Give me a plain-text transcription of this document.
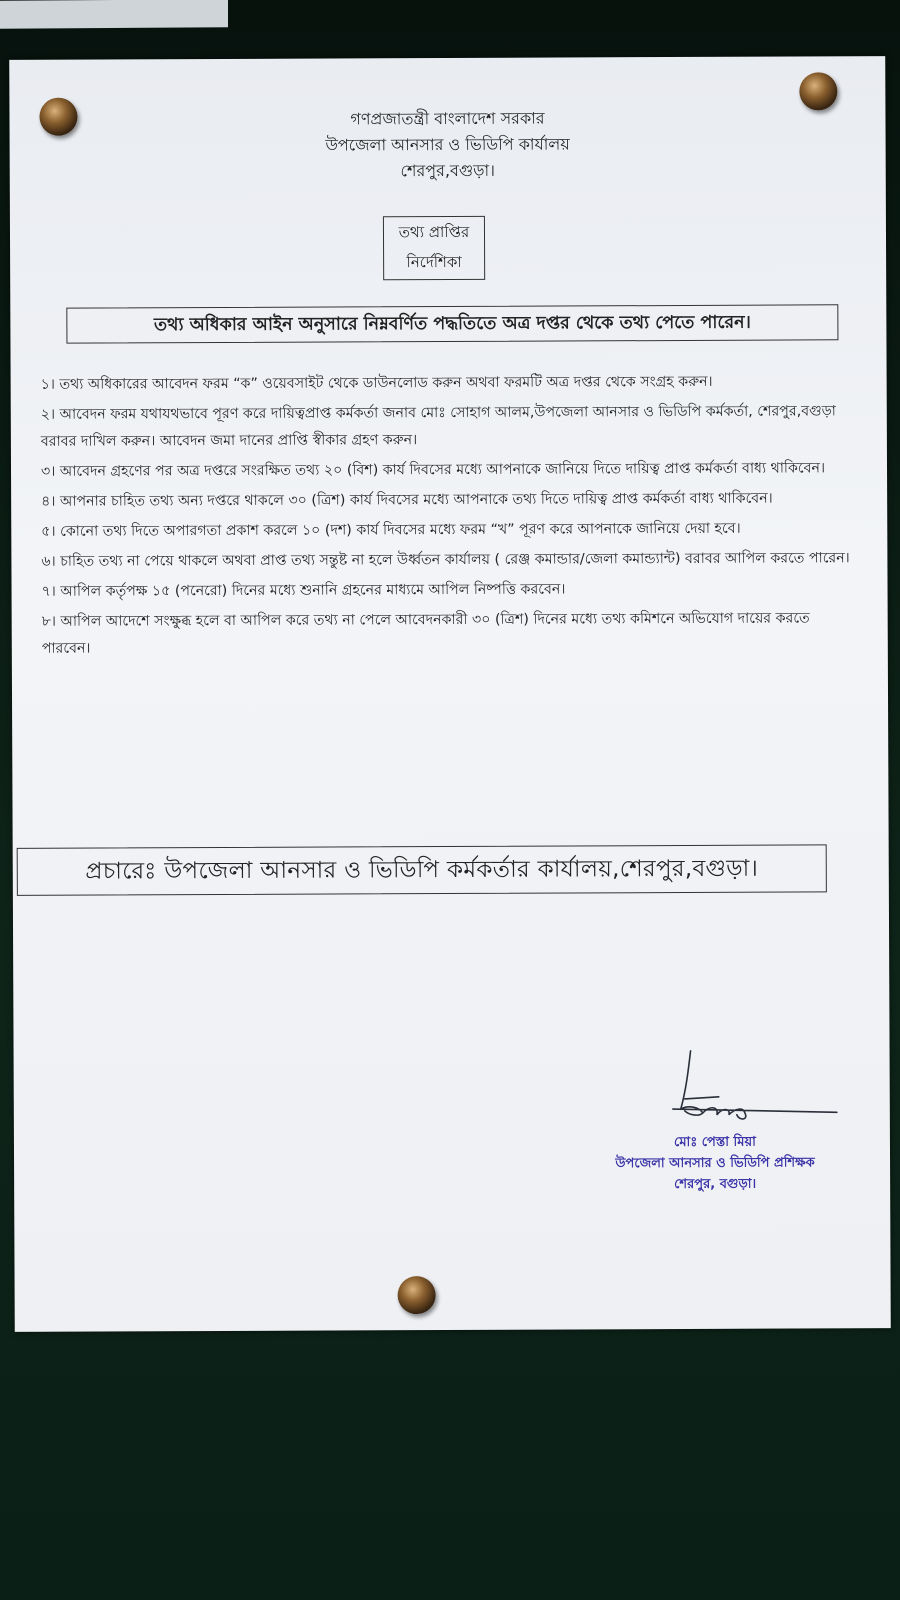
গণপ্রজাতন্ত্রী বাংলাদেশ সরকার
উপজেলা আনসার ও ভিডিপি কার্যালয়
শেরপুর,বগুড়া।
তথ্য প্রাপ্তির
নির্দেশিকা
তথ্য অধিকার আইন অনুসারে নিম্নবর্ণিত পদ্ধতিতে অত্র দপ্তর থেকে তথ্য পেতে পারেন।
১। তথ্য অধিকারের আবেদন ফরম “ক” ওয়েবসাইট থেকে ডাউনলোড করুন অথবা ফরমটি অত্র দপ্তর থেকে সংগ্রহ করুন।
২। আবেদন ফরম যথাযথভাবে পূরণ করে দায়িত্বপ্রাপ্ত কর্মকর্তা জনাব মোঃ সোহাগ আলম,উপজেলা আনসার ও ভিডিপি কর্মকর্তা, শেরপুর,বগুড়া বরাবর দাখিল করুন। আবেদন জমা দানের প্রাপ্তি স্বীকার গ্রহণ করুন।
৩। আবেদন গ্রহণের পর অত্র দপ্তরে সংরক্ষিত তথ্য ২০ (বিশ) কার্য দিবসের মধ্যে আপনাকে জানিয়ে দিতে দায়িত্ব প্রাপ্ত কর্মকর্তা বাধ্য থাকিবেন।
৪। আপনার চাহিত তথ্য অন্য দপ্তরে থাকলে ৩০ (ত্রিশ) কার্য দিবসের মধ্যে আপনাকে তথ্য দিতে দায়িত্ব প্রাপ্ত কর্মকর্তা বাধ্য থাকিবেন।
৫। কোনো তথ্য দিতে অপারগতা প্রকাশ করলে ১০ (দশ) কার্য দিবসের মধ্যে ফরম “খ” পূরণ করে আপনাকে জানিয়ে দেয়া হবে।
৬। চাহিত তথ্য না পেয়ে থাকলে অথবা প্রাপ্ত তথ্য সন্তুষ্ট না হলে উর্ধ্বতন কার্যালয় ( রেঞ্জ কমান্ডার/জেলা কমান্ড্যান্ট) বরাবর আপিল করতে পারেন।
৭। আপিল কর্তৃপক্ষ ১৫ (পনেরো) দিনের মধ্যে শুনানি গ্রহনের মাধ্যমে আপিল নিষ্পত্তি করবেন।
৮। আপিল আদেশে সংক্ষুব্ধ হলে বা আপিল করে তথ্য না পেলে আবেদনকারী ৩০ (ত্রিশ) দিনের মধ্যে তথ্য কমিশনে অভিযোগ দায়ের করতে পারবেন।
প্রচারেঃ উপজেলা আনসার ও ভিডিপি কর্মকর্তার কার্যালয়,শেরপুর,বগুড়া।
মোঃ পেস্তা মিয়া
উপজেলা আনসার ও ভিডিপি প্রশিক্ষক
শেরপুর, বগুড়া।
